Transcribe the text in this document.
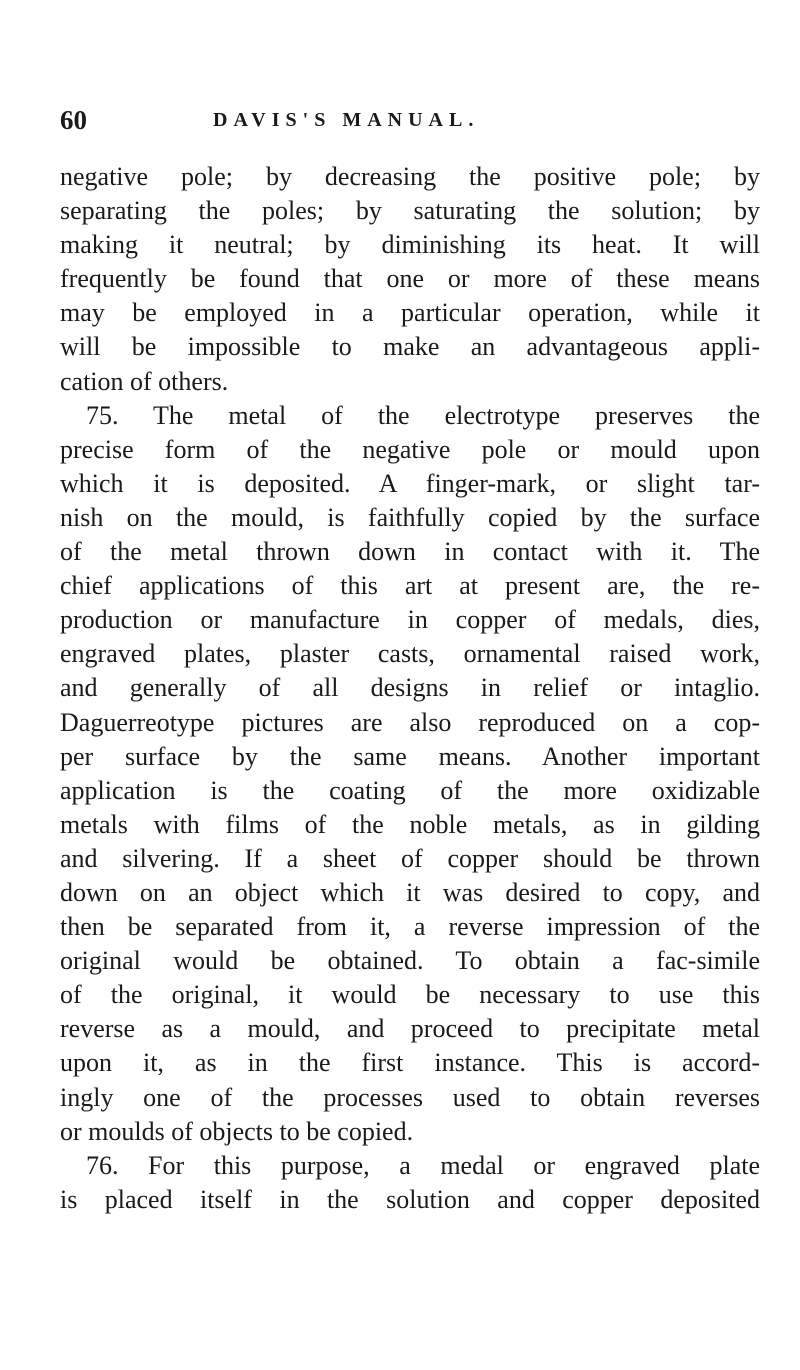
60	DAVIS'S MANUAL.
negative pole; by decreasing the positive pole; by
separating the poles; by saturating the solution; by
making it neutral; by diminishing its heat. It will
frequently be found that one or more of these means
may be employed in a particular operation, while it
will be impossible to make an advantageous appli-
cation of others.
75. The metal of the electrotype preserves the
precise form of the negative pole or mould upon
which it is deposited. A finger-mark, or slight tar-
nish on the mould, is faithfully copied by the surface
of the metal thrown down in contact with it. The
chief applications of this art at present are, the re-
production or manufacture in copper of medals, dies,
engraved plates, plaster casts, ornamental raised work,
and generally of all designs in relief or intaglio.
Daguerreotype pictures are also reproduced on a cop-
per surface by the same means. Another important
application is the coating of the more oxidizable
metals with films of the noble metals, as in gilding
and silvering. If a sheet of copper should be thrown
down on an object which it was desired to copy, and
then be separated from it, a reverse impression of the
original would be obtained. To obtain a fac-simile
of the original, it would be necessary to use this
reverse as a mould, and proceed to precipitate metal
upon it, as in the first instance. This is accord-
ingly one of the processes used to obtain reverses
or moulds of objects to be copied.
76. For this purpose, a medal or engraved plate
is placed itself in the solution and copper deposited
